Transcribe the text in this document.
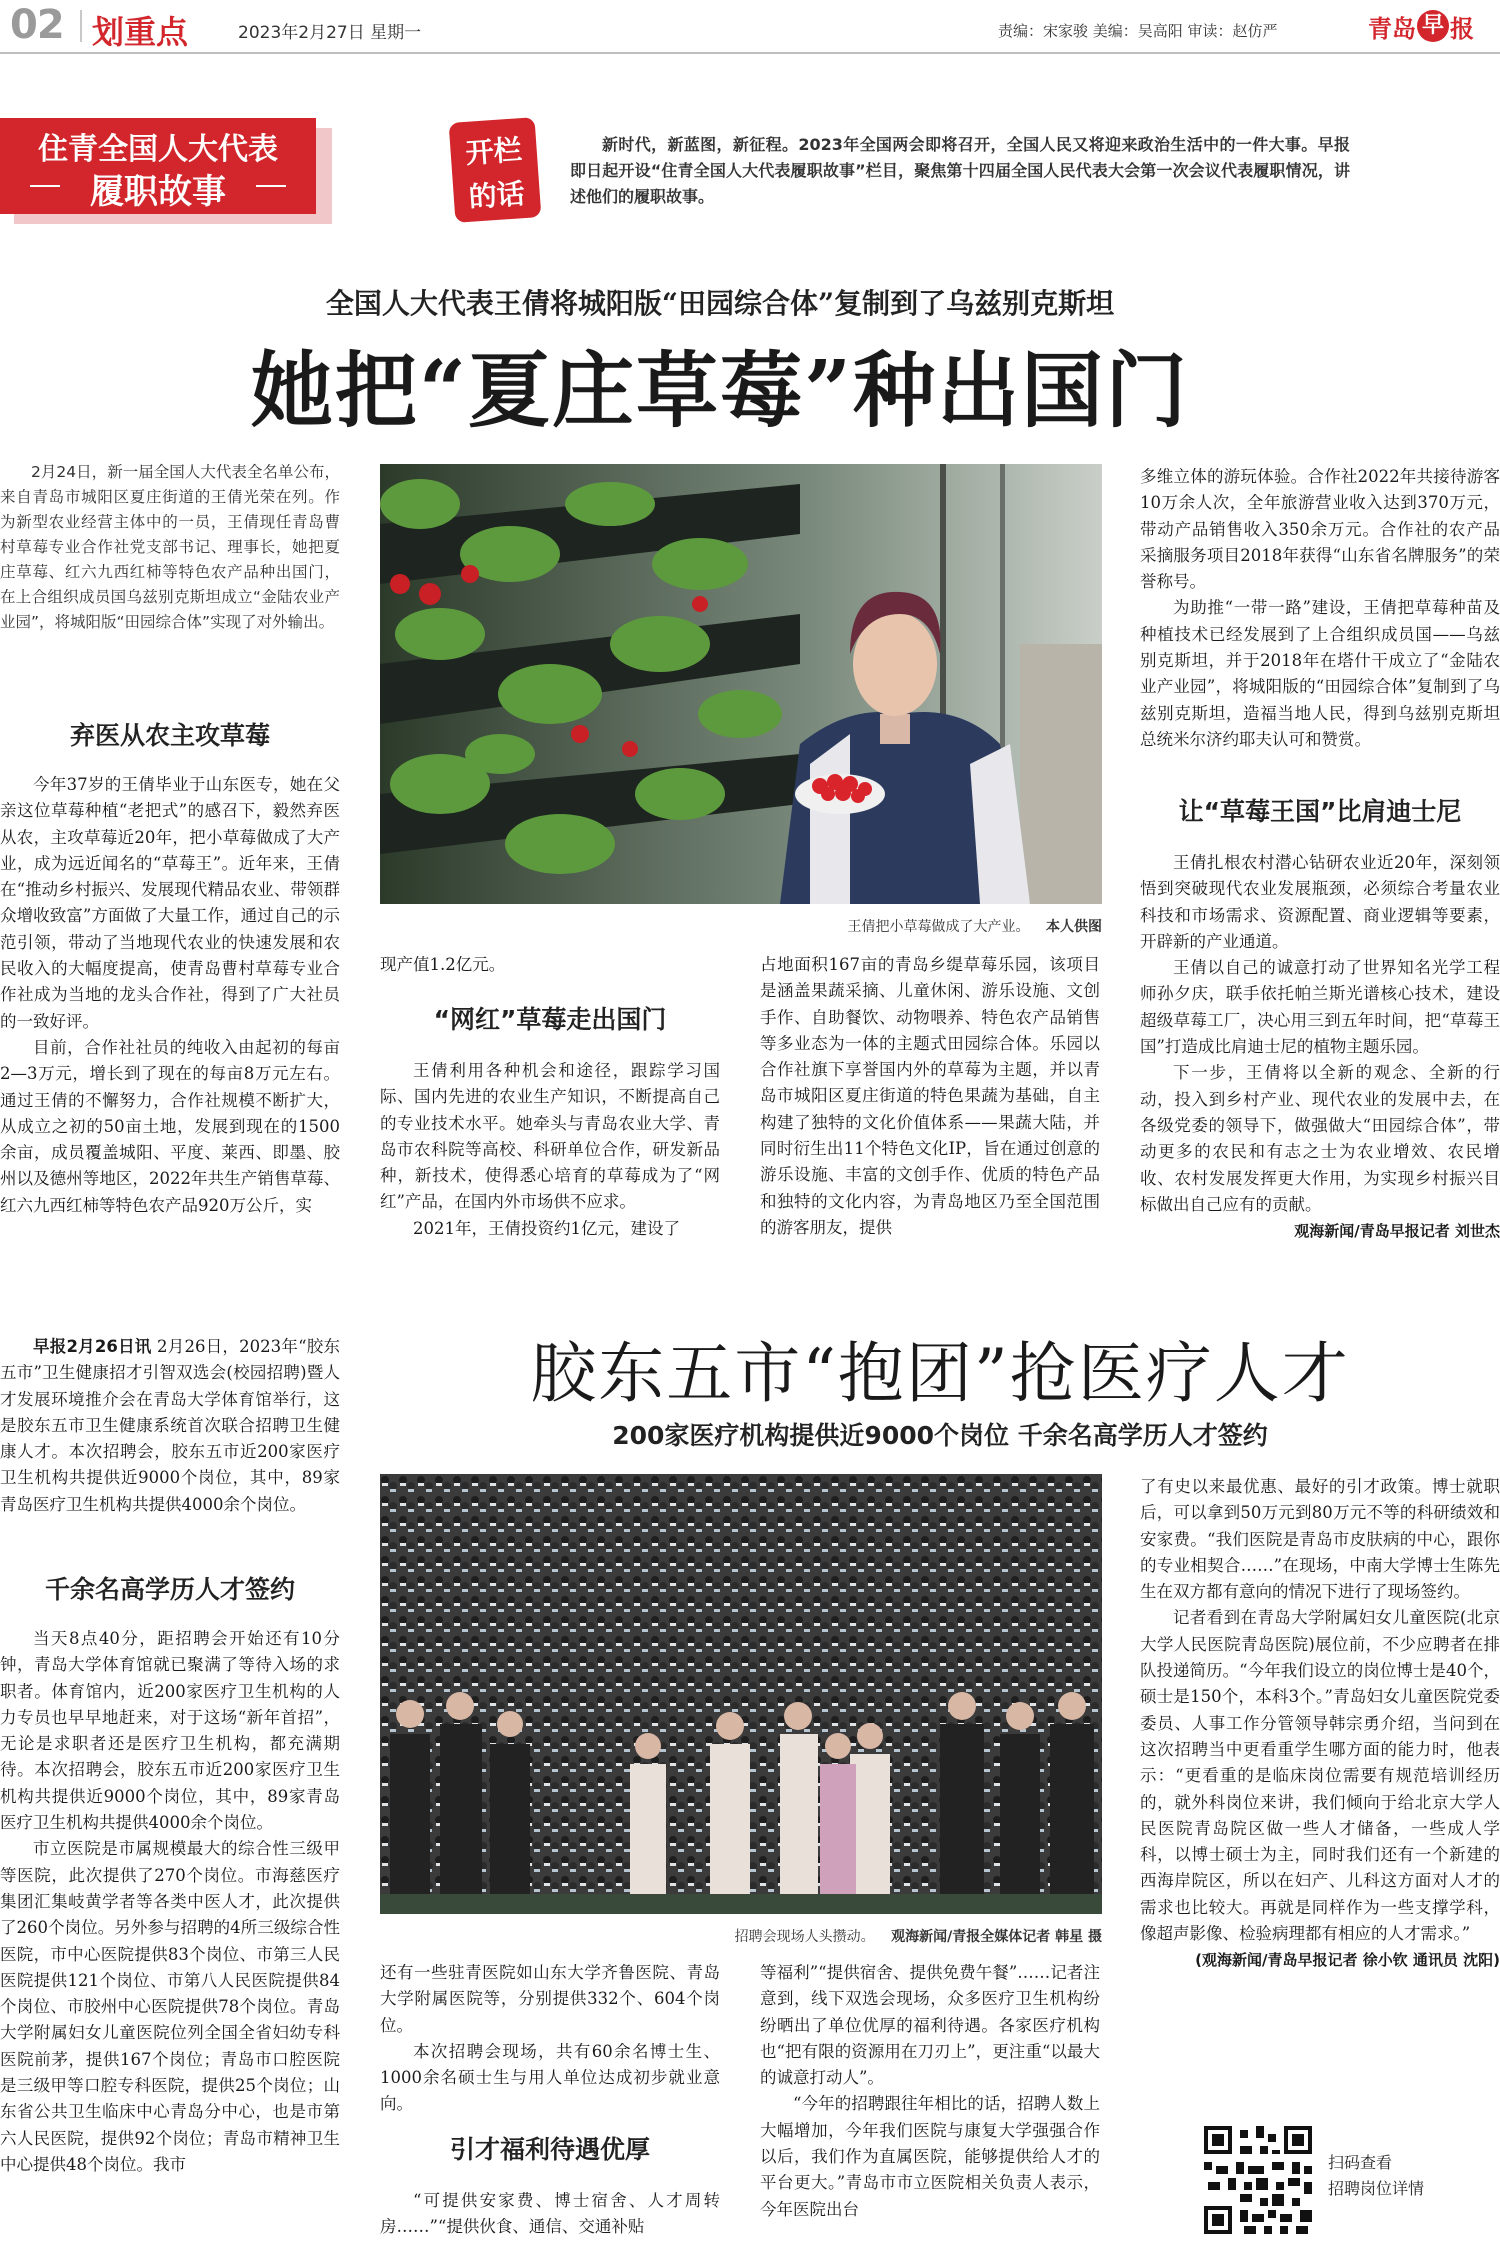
02 划重点	2023年2月27日 星期一	责编：宋家骏 美编：吴高阳 审读：赵仿严	青岛 早 报
住青全国人大代表
履职故事
开栏
的话
新时代，新蓝图，新征程。2023年全国两会即将召开，全国人民又将迎来政治生活中的一件大事。早报即日起开设“住青全国人大代表履职故事”栏目，聚焦第十四届全国人民代表大会第一次会议代表履职情况，讲述他们的履职故事。
全国人大代表王倩将城阳版“田园综合体”复制到了乌兹别克斯坦
她把“夏庄草莓”种出国门
2月24日，新一届全国人大代表全名单公布，来自青岛市城阳区夏庄街道的王倩光荣在列。作为新型农业经营主体中的一员，王倩现任青岛曹村草莓专业合作社党支部书记、理事长，她把夏庄草莓、红六九西红柿等特色农产品种出国门，在上合组织成员国乌兹别克斯坦成立“金陆农业产业园”，将城阳版“田园综合体”实现了对外输出。
弃医从农主攻草莓

今年37岁的王倩毕业于山东医专，她在父亲这位草莓种植“老把式”的感召下，毅然弃医从农，主攻草莓近20年，把小草莓做成了大产业，成为远近闻名的“草莓王”。近年来，王倩在“推动乡村振兴、发展现代精品农业、带领群众增收致富”方面做了大量工作，通过自己的示范引领，带动了当地现代农业的快速发展和农民收入的大幅度提高，使青岛曹村草莓专业合作社成为当地的龙头合作社，得到了广大社员的一致好评。

目前，合作社社员的纯收入由起初的每亩2—3万元，增长到了现在的每亩8万元左右。通过王倩的不懈努力，合作社规模不断扩大，从成立之初的50亩土地，发展到现在的1500余亩，成员覆盖城阳、平度、莱西、即墨、胶州以及德州等地区，2022年共生产销售草莓、红六九西红柿等特色农产品920万公斤，实

王倩把小草莓做成了大产业。 本人供图
现产值1.2亿元。
“网红”草莓走出国门

王倩利用各种机会和途径，跟踪学习国际、国内先进的农业生产知识，不断提高自己的专业技术水平。她牵头与青岛农业大学、青岛市农科院等高校、科研单位合作，研发新品种，新技术，使得悉心培育的草莓成为了“网红”产品，在国内外市场供不应求。

2021年，王倩投资约1亿元，建设了

占地面积167亩的青岛乡缇草莓乐园，该项目是涵盖果蔬采摘、儿童休闲、游乐设施、文创手作、自助餐饮、动物喂养、特色农产品销售等多业态为一体的主题式田园综合体。乐园以合作社旗下享誉国内外的草莓为主题，并以青岛市城阳区夏庄街道的特色果蔬为基础，自主构建了独特的文化价值体系——果蔬大陆，并同时衍生出11个特色文化IP，旨在通过创意的游乐设施、丰富的文创手作、优质的特色产品和独特的文化内容，为青岛地区乃至全国范围的游客朋友，提供

多维立体的游玩体验。合作社2022年共接待游客10万余人次，全年旅游营业收入达到370万元，带动产品销售收入350余万元。合作社的农产品采摘服务项目2018年获得“山东省名牌服务”的荣誉称号。

为助推“一带一路”建设，王倩把草莓种苗及种植技术已经发展到了上合组织成员国——乌兹别克斯坦，并于2018年在塔什干成立了“金陆农业产业园”，将城阳版的“田园综合体”复制到了乌兹别克斯坦，造福当地人民，得到乌兹别克斯坦总统米尔济约耶夫认可和赞赏。

让“草莓王国”比肩迪士尼

王倩扎根农村潜心钻研农业近20年，深刻领悟到突破现代农业发展瓶颈，必须综合考量农业科技和市场需求、资源配置、商业逻辑等要素，开辟新的产业通道。

王倩以自己的诚意打动了世界知名光学工程师孙夕庆，联手依托帕兰斯光谱核心技术，建设超级草莓工厂，决心用三到五年时间，把“草莓王国”打造成比肩迪士尼的植物主题乐园。

下一步，王倩将以全新的观念、全新的行动，投入到乡村产业、现代农业的发展中去，在各级党委的领导下，做强做大“田园综合体”，带动更多的农民和有志之士为农业增效、农民增收、农村发展发挥更大作用，为实现乡村振兴目标做出自己应有的贡献。

观海新闻/青岛早报记者 刘世杰

胶东五市“抱团”抢医疗人才
200家医疗机构提供近9000个岗位 千余名高学历人才签约
早报2月26日讯 2月26日，2023年“胶东五市”卫生健康招才引智双选会(校园招聘)暨人才发展环境推介会在青岛大学体育馆举行，这是胶东五市卫生健康系统首次联合招聘卫生健康人才。本次招聘会，胶东五市近200家医疗卫生机构共提供近9000个岗位，其中，89家青岛医疗卫生机构共提供4000余个岗位。
千余名高学历人才签约

当天8点40分，距招聘会开始还有10分钟，青岛大学体育馆就已聚满了等待入场的求职者。体育馆内，近200家医疗卫生机构的人力专员也早早地赶来，对于这场“新年首招”，无论是求职者还是医疗卫生机构，都充满期待。本次招聘会，胶东五市近200家医疗卫生机构共提供近9000个岗位，其中，89家青岛医疗卫生机构共提供4000余个岗位。

市立医院是市属规模最大的综合性三级甲等医院，此次提供了270个岗位。市海慈医疗集团汇集岐黄学者等各类中医人才，此次提供了260个岗位。另外参与招聘的4所三级综合性医院，市中心医院提供83个岗位、市第三人民医院提供121个岗位、市第八人民医院提供84个岗位、市胶州中心医院提供78个岗位。青岛大学附属妇女儿童医院位列全国全省妇幼专科医院前茅，提供167个岗位；青岛市口腔医院是三级甲等口腔专科医院，提供25个岗位；山东省公共卫生临床中心青岛分中心，也是市第六人民医院，提供92个岗位；青岛市精神卫生中心提供48个岗位。我市

招聘会现场人头攒动。 观海新闻/青报全媒体记者 韩星 摄

还有一些驻青医院如山东大学齐鲁医院、青岛大学附属医院等，分别提供332个、604个岗位。

本次招聘会现场，共有60余名博士生、1000余名硕士生与用人单位达成初步就业意向。

引才福利待遇优厚
“可提供安家费、博士宿舍、人才周转房……”“提供伙食、通信、交通补贴

等福利”“提供宿舍、提供免费午餐”……记者注意到，线下双选会现场，众多医疗卫生机构纷纷晒出了单位优厚的福利待遇。各家医疗机构也“把有限的资源用在刀刃上”，更注重“以最大的诚意打动人”。

“今年的招聘跟往年相比的话，招聘人数上大幅增加，今年我们医院与康复大学强强合作以后，我们作为直属医院，能够提供给人才的平台更大。”青岛市市立医院相关负责人表示，今年医院出台

了有史以来最优惠、最好的引才政策。博士就职后，可以拿到50万元到80万元不等的科研绩效和安家费。“我们医院是青岛市皮肤病的中心，跟你的专业相契合……”在现场，中南大学博士生陈先生在双方都有意向的情况下进行了现场签约。

记者看到在青岛大学附属妇女儿童医院(北京大学人民医院青岛医院)展位前，不少应聘者在排队投递简历。“今年我们设立的岗位博士是40个，硕士是150个，本科3个。”青岛妇女儿童医院党委委员、人事工作分管领导韩宗勇介绍，当问到在这次招聘当中更看重学生哪方面的能力时，他表示：“更看重的是临床岗位需要有规范培训经历的，就外科岗位来讲，我们倾向于给北京大学人民医院青岛院区做一些人才储备，一些成人学科，以博士硕士为主，同时我们还有一个新建的西海岸院区，所以在妇产、儿科这方面对人才的需求也比较大。再就是同样作为一些支撑学科，像超声影像、检验病理都有相应的人才需求。”

(观海新闻/青岛早报记者 徐小钦 通讯员 沈阳)

扫码查看
招聘岗位详情
